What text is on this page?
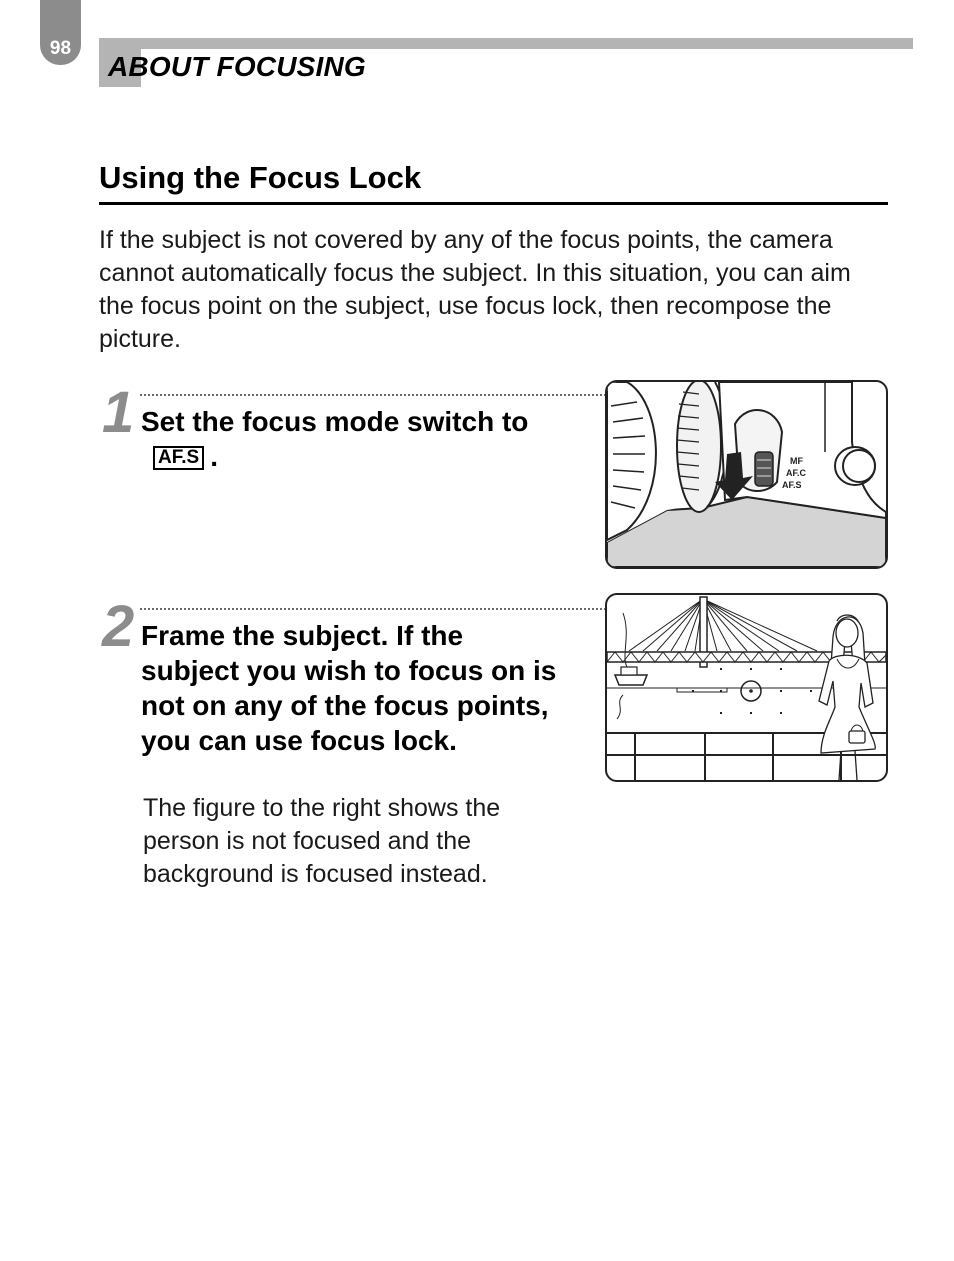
98
ABOUT FOCUSING
Using the Focus Lock
If the subject is not covered by any of the focus points, the camera cannot automatically focus the subject. In this situation, you can aim the focus point on the subject, use focus lock, then recompose the picture.
1 Set the focus mode switch toAF.S .	MF
AF.C
AF.S
2 Frame the subject. If the subject you wish to focus on is not on any of the focus points, you can use focus lock.
The figure to the right shows the person is not focused and the background is focused instead.
